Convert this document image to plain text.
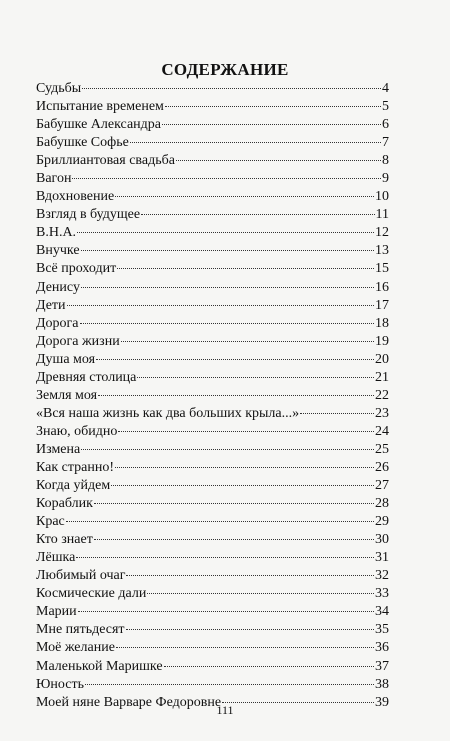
СОДЕРЖАНИЕ
Судьбы	4
Испытание временем	5
Бабушке Александра	6
Бабушке Софье	7
Бриллиантовая свадьба	8
Вагон	9
Вдохновение	10
Взгляд в будущее	11
В.Н.А.	12
Внучке	13
Всё проходит	15
Денису	16
Дети	17
Дорога	18
Дорога жизни	19
Душа моя	20
Древняя столица	21
Земля моя	22
«Вся наша жизнь как два больших крыла...»	23
Знаю, обидно	24
Измена	25
Как странно!	26
Когда уйдем	27
Кораблик	28
Крас	29
Кто знает	30
Лёшка	31
Любимый очаг	32
Космические дали	33
Марии	34
Мне пятьдесят	35
Моё желание	36
Маленькой Маришке	37
Юность	38
Моей няне Варваре Федоровне	39
111
